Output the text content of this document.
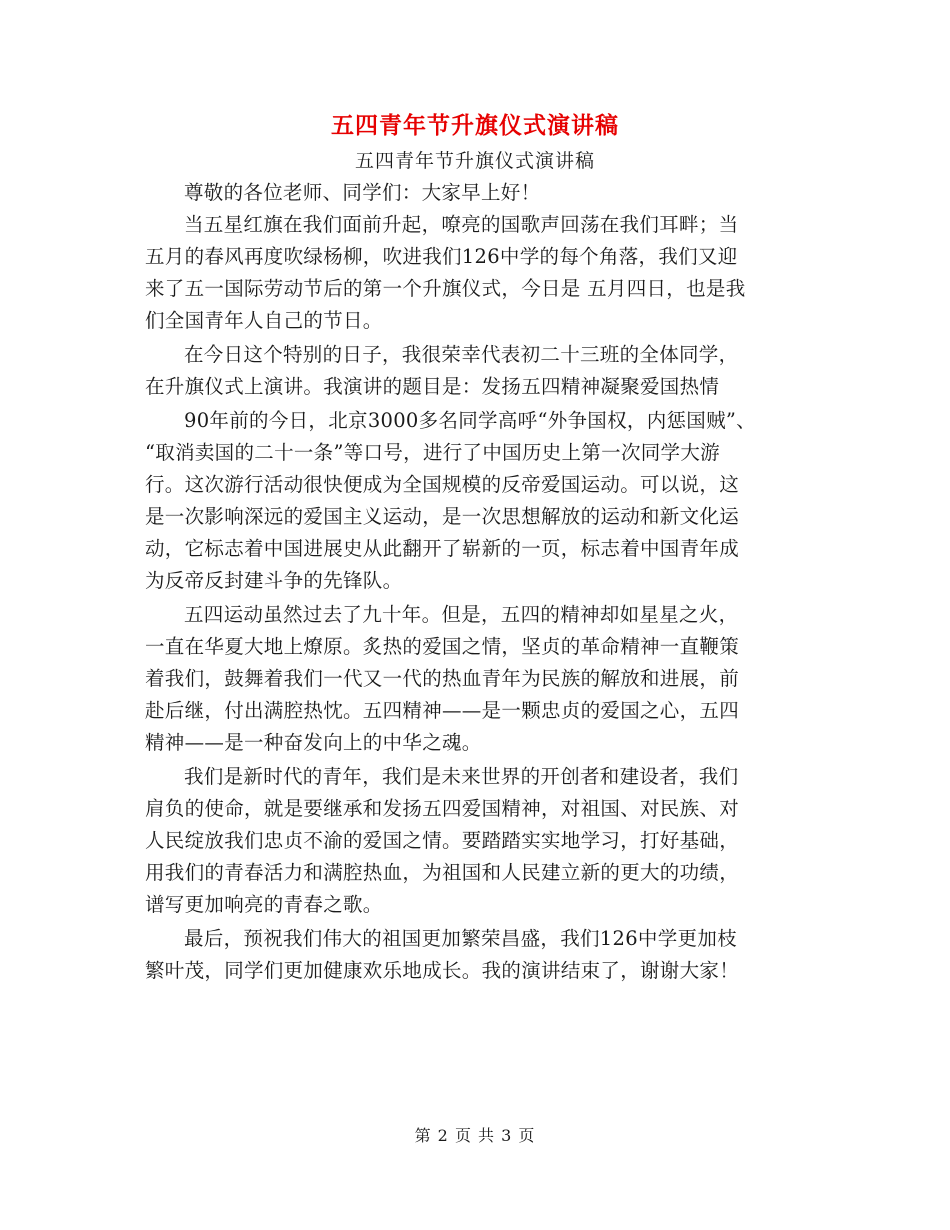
五四青年节升旗仪式演讲稿
五四青年节升旗仪式演讲稿
尊敬的各位老师、同学们：大家早上好！
当五星红旗在我们面前升起，嘹亮的国歌声回荡在我们耳畔；当
五月的春风再度吹绿杨柳，吹进我们126中学的每个角落，我们又迎
来了五一国际劳动节后的第一个升旗仪式，今日是 五月四日，也是我
们全国青年人自己的节日。
在今日这个特别的日子，我很荣幸代表初二十三班的全体同学，
在升旗仪式上演讲。我演讲的题目是：发扬五四精神凝聚爱国热情
90年前的今日，北京3000多名同学高呼“外争国权，内惩国贼”、
“取消卖国的二十一条”等口号，进行了中国历史上第一次同学大游
行。这次游行活动很快便成为全国规模的反帝爱国运动。可以说，这
是一次影响深远的爱国主义运动，是一次思想解放的运动和新文化运
动，它标志着中国进展史从此翻开了崭新的一页，标志着中国青年成
为反帝反封建斗争的先锋队。
五四运动虽然过去了九十年。但是，五四的精神却如星星之火，
一直在华夏大地上燎原。炙热的爱国之情，坚贞的革命精神一直鞭策
着我们，鼓舞着我们一代又一代的热血青年为民族的解放和进展，前
赴后继，付出满腔热忱。五四精神——是一颗忠贞的爱国之心，五四
精神——是一种奋发向上的中华之魂。
我们是新时代的青年，我们是未来世界的开创者和建设者，我们
肩负的使命，就是要继承和发扬五四爱国精神，对祖国、对民族、对
人民绽放我们忠贞不渝的爱国之情。要踏踏实实地学习，打好基础，
用我们的青春活力和满腔热血，为祖国和人民建立新的更大的功绩，
谱写更加响亮的青春之歌。
最后，预祝我们伟大的祖国更加繁荣昌盛，我们126中学更加枝
繁叶茂，同学们更加健康欢乐地成长。我的演讲结束了，谢谢大家！
第 2 页 共 3 页
